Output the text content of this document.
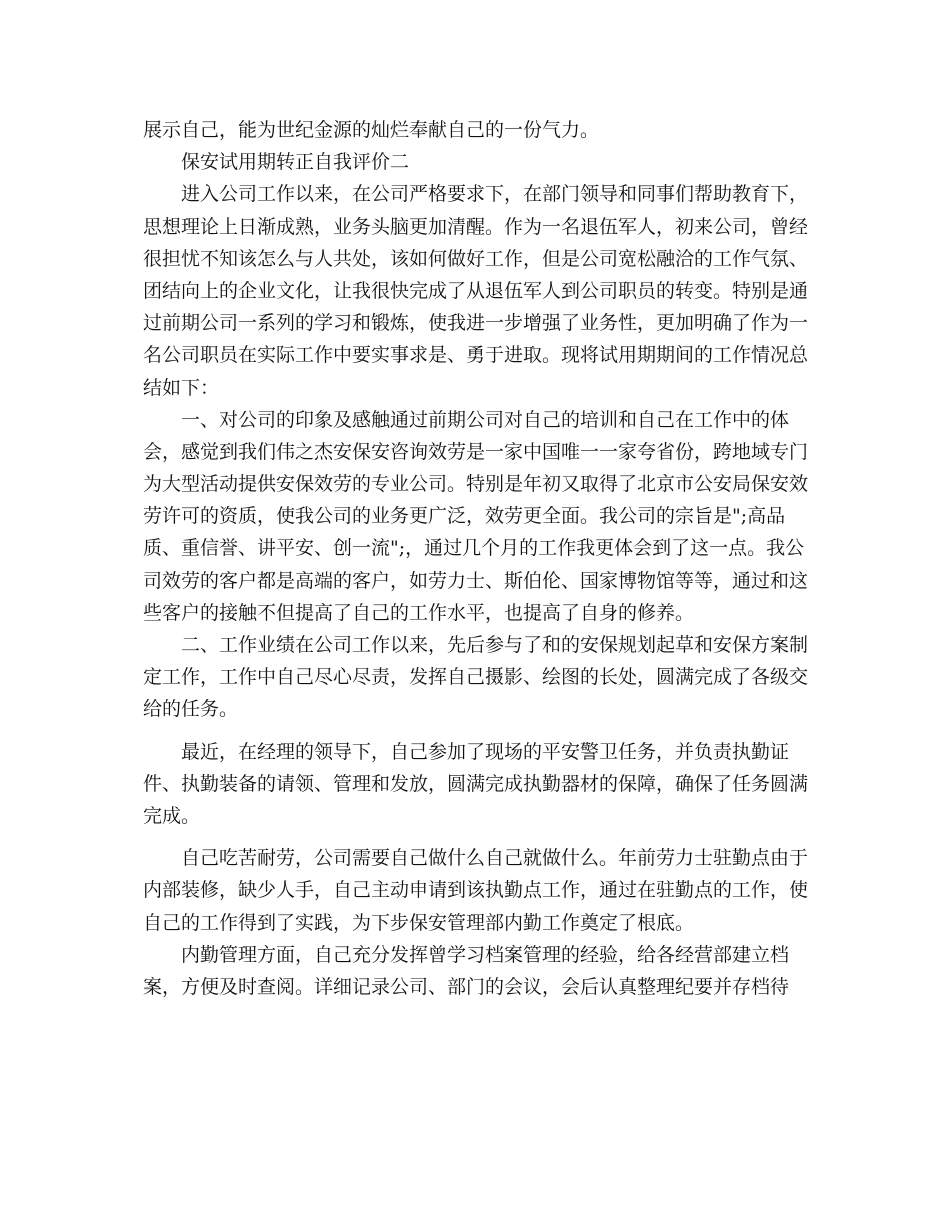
展示自己，能为世纪金源的灿烂奉献自己的一份气力。
保安试用期转正自我评价二
进入公司工作以来，在公司严格要求下，在部门领导和同事们帮助教育下，
思想理论上日渐成熟，业务头脑更加清醒。作为一名退伍军人，初来公司，曾经
很担忧不知该怎么与人共处，该如何做好工作，但是公司宽松融洽的工作气氛、
团结向上的企业文化，让我很快完成了从退伍军人到公司职员的转变。特别是通
过前期公司一系列的学习和锻炼，使我进一步增强了业务性，更加明确了作为一
名公司职员在实际工作中要实事求是、勇于进取。现将试用期期间的工作情况总
结如下：
一、对公司的印象及感触通过前期公司对自己的培训和自己在工作中的体
会，感觉到我们伟之杰安保安咨询效劳是一家中国唯一一家夸省份，跨地域专门
为大型活动提供安保效劳的专业公司。特别是年初又取得了北京市公安局保安效
劳许可的资质，使我公司的业务更广泛，效劳更全面。我公司的宗旨是";高品
质、重信誉、讲平安、创一流";，通过几个月的工作我更体会到了这一点。我公
司效劳的客户都是高端的客户，如劳力士、斯伯伦、国家博物馆等等，通过和这
些客户的接触不但提高了自己的工作水平，也提高了自身的修养。
二、工作业绩在公司工作以来，先后参与了和的安保规划起草和安保方案制
定工作，工作中自己尽心尽责，发挥自己摄影、绘图的长处，圆满完成了各级交
给的任务。
最近，在经理的领导下，自己参加了现场的平安警卫任务，并负责执勤证
件、执勤装备的请领、管理和发放，圆满完成执勤器材的保障，确保了任务圆满
完成。
自己吃苦耐劳，公司需要自己做什么自己就做什么。年前劳力士驻勤点由于
内部装修，缺少人手，自己主动申请到该执勤点工作，通过在驻勤点的工作，使
自己的工作得到了实践，为下步保安管理部内勤工作奠定了根底。
内勤管理方面，自己充分发挥曾学习档案管理的经验，给各经营部建立档
案，方便及时查阅。详细记录公司、部门的会议，会后认真整理纪要并存档待
